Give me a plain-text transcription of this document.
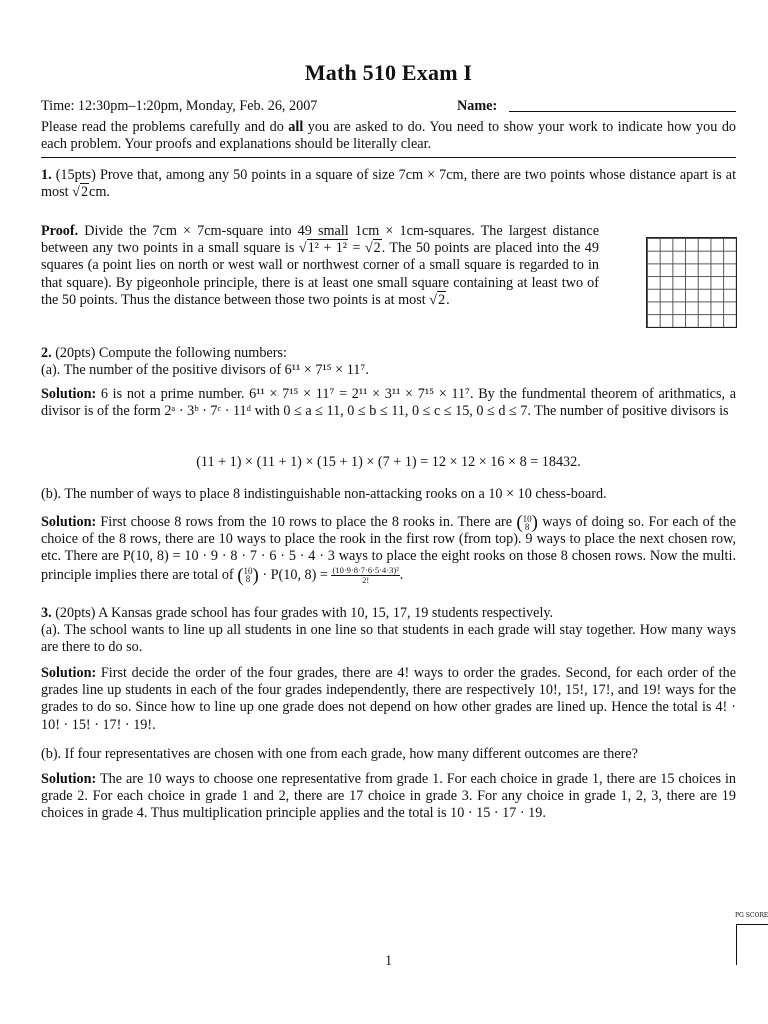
Math 510 Exam I
Time: 12:30pm–1:20pm, Monday, Feb. 26, 2007	Name:
Please read the problems carefully and do all you are asked to do. You need to show your work to indicate how you do each problem. Your proofs and explanations should be literally clear.
1. (15pts) Prove that, among any 50 points in a square of size 7cm × 7cm, there are two points whose distance apart is at most √2cm.
Proof. Divide the 7cm × 7cm-square into 49 small 1cm × 1cm-squares. The largest distance between any two points in a small square is √1² + 1² = √2. The 50 points are placed into the 49 squares (a point lies on north or west wall or northwest corner of a small square is regarded to in that square). By pigeonhole principle, there is at least one small square containing at least two of the 50 points. Thus the distance between those two points is at most √2.
2. (20pts) Compute the following numbers:
(a). The number of the positive divisors of 6¹¹ × 7¹⁵ × 11⁷.
Solution: 6 is not a prime number. 6¹¹ × 7¹⁵ × 11⁷ = 2¹¹ × 3¹¹ × 7¹⁵ × 11⁷. By the fundmental theorem of arithmatics, a divisor is of the form 2ᵃ · 3ᵇ · 7ᶜ · 11ᵈ with 0 ≤ a ≤ 11, 0 ≤ b ≤ 11, 0 ≤ c ≤ 15, 0 ≤ d ≤ 7. The number of positive divisors is
(11 + 1) × (11 + 1) × (15 + 1) × (7 + 1) = 12 × 12 × 16 × 8 = 18432.
(b). The number of ways to place 8 indistinguishable non-attacking rooks on a 10 × 10 chess-board.
Solution: First choose 8 rows from the 10 rows to place the 8 rooks in. There are ( 10
8 ) ways of doing so. For each of the choice of the 8 rows, there are 10 ways to place the rook in the first row (from top). 9 ways to place the next chosen row, etc. There are P(10, 8) = 10 · 9 · 8 · 7 · 6 · 5 · 4 · 3 ways to place the eight rooks on those 8 chosen rows. Now the multi. principle implies there are total of ( 10
8 ) · P(10, $8) = \frac{\text{(10·9·8·7·6·5·4·3)²}}{2!}$ .
3. (20pts) A Kansas grade school has four grades with 10, 15, 17, 19 students respectively.
(a). The school wants to line up all students in one line so that students in each grade will stay together. How many ways are there to do so.
Solution: First decide the order of the four grades, there are 4! ways to order the grades. Second, for each order of the grades line up students in each of the four grades independently, there are respectively 10!, 15!, 17!, and 19! ways for the grades to do so. Since how to line up one grade does not depend on how other grades are lined up. Hence the total is 4! · 10! · 15! · 17! · 19!.
(b). If four representatives are chosen with one from each grade, how many different outcomes are there?
Solution: The are 10 ways to choose one representative from grade 1. For each choice in grade 1, there are 15 choices in grade 2. For each choice in grade 1 and 2, there are 17 choice in grade 3. For any choice in grade 1, 2, 3, there are 19 choices in grade 4. Thus multiplication principle applies and the total is 10 · 15 · 17 · 19.
1
PG SCORE
